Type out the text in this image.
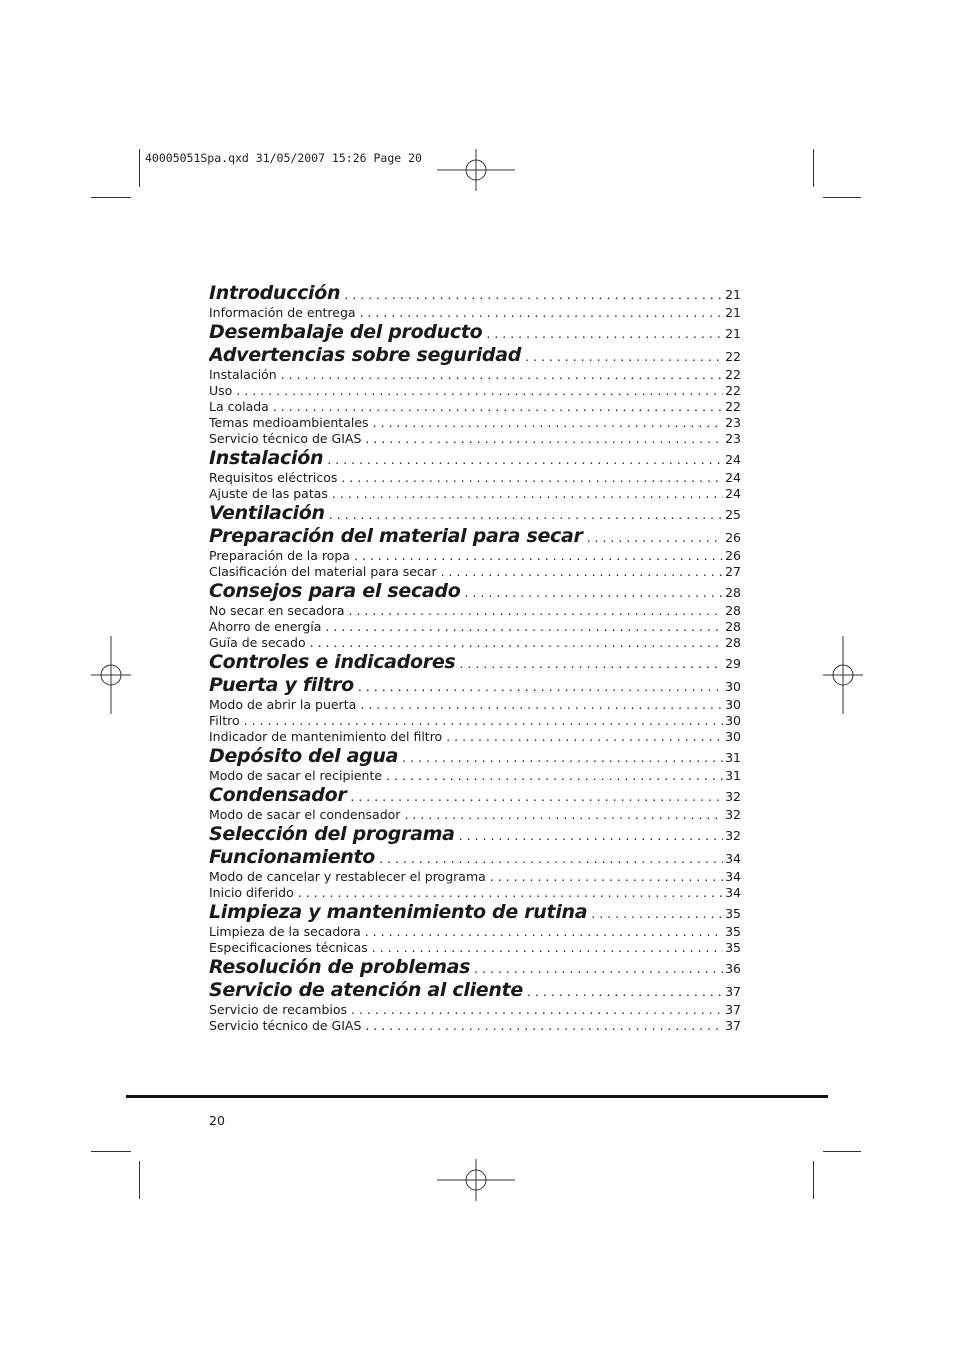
40005051Spa.qxd 31/05/2007 15:26 Page 20
Introducción . . .	21
Información de entrega . . .	21
Desembalaje del producto . . .	21
Advertencias sobre seguridad . . .	22
Instalación . . .	22
Uso . . .	22
La colada . . .	22
Temas medioambientales . . .	23
Servicio técnico de GIAS . . .	23
Instalación . . .	24
Requisitos eléctricos . . .	24
Ajuste de las patas . . .	24
Ventilación . . .	25
Preparación del material para secar . . .	26
Preparación de la ropa . . .	26
Clasificación del material para secar . . .	27
Consejos para el secado . . .	28
No secar en secadora . . .	28
Ahorro de energía . . .	28
Guía de secado . . .	28
Controles e indicadores . . .	29
Puerta y filtro . . .	30
Modo de abrir la puerta . . .	30
Filtro . . .	30
Indicador de mantenimiento del filtro . . .	30
Depósito del agua . . .	31
Modo de sacar el recipiente . . .	31
Condensador . . .	32
Modo de sacar el condensador . . .	32
Selección del programa . . .	32
Funcionamiento . . .	34
Modo de cancelar y restablecer el programa . . .	34
Inicio diferido . . .	34
Limpieza y mantenimiento de rutina . . .	35
Limpieza de la secadora . . .	35
Especificaciones técnicas . . .	35
Resolución de problemas . . .	36
Servicio de atención al cliente . . .	37
Servicio de recambios . . .	37
Servicio técnico de GIAS . . .	37
20
